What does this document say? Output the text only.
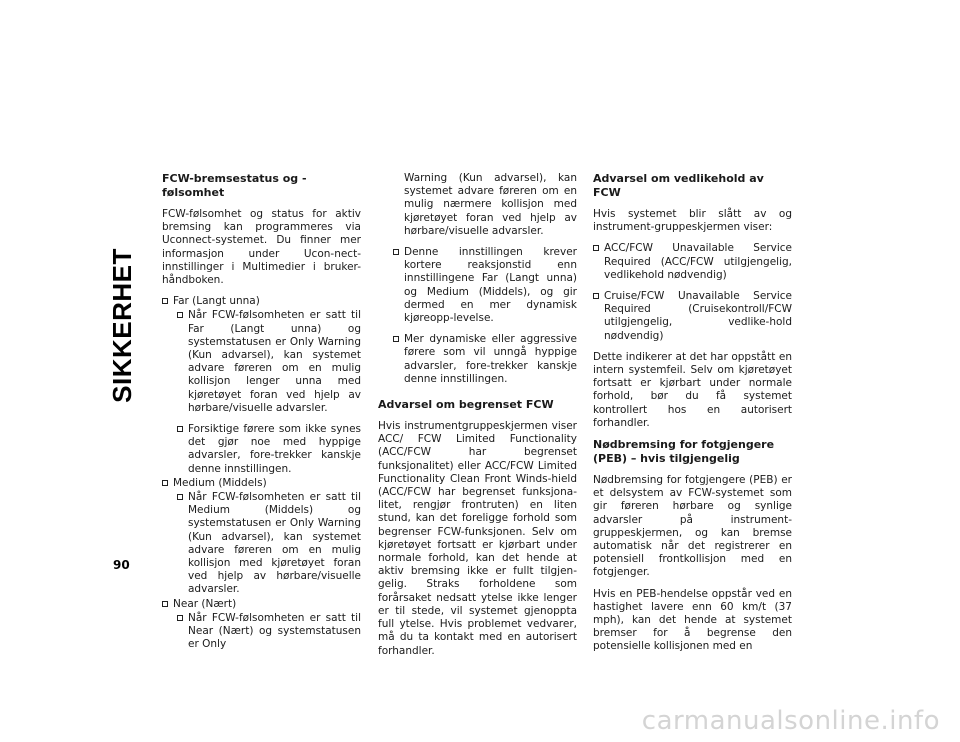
SIKKERHET
90
FCW-bremsestatus og -følsomhet

FCW-følsomhet og status for aktiv bremsing kan programmeres via Uconnect-systemet. Du finner mer informasjon under Ucon-nect-innstillinger i Multimedier i bruker-håndboken.

Far (Langt unna)
Når FCW-følsomheten er satt til Far (Langt unna) og systemstatusen er Only Warning (Kun advarsel), kan systemet advare føreren om en mulig kollisjon lenger unna med kjøretøyet foran ved hjelp av hørbare/visuelle advarsler.
Forsiktige førere som ikke synes det gjør noe med hyppige advarsler, fore-trekker kanskje denne innstillingen.
Medium (Middels)
Når FCW-følsomheten er satt til Medium (Middels) og systemstatusen er Only Warning (Kun advarsel), kan systemet advare føreren om en mulig kollisjon med kjøretøyet foran ved hjelp av hørbare/visuelle advarsler.
Near (Nært)
Når FCW-følsomheten er satt til Near (Nært) og systemstatusen er Only
Warning (Kun advarsel), kan systemet advare føreren om en mulig nærmere kollisjon med kjøretøyet foran ved hjelp av hørbare/visuelle advarsler.
Denne innstillingen krever kortere reaksjonstid enn innstillingene Far (Langt unna) og Medium (Middels), og gir dermed en mer dynamisk kjøreopp-levelse.
Mer dynamiske eller aggressive førere som vil unngå hyppige advarsler, fore-trekker kanskje denne innstillingen.
Advarsel om begrenset FCW

Hvis instrumentgruppeskjermen viser ACC/ FCW Limited Functionality (ACC/FCW har begrenset funksjonalitet) eller ACC/FCW Limited Functionality Clean Front Winds-hield (ACC/FCW har begrenset funksjona-litet, rengjør frontruten) en liten stund, kan det foreligge forhold som begrenser FCW-funksjonen. Selv om kjøretøyet fortsatt er kjørbart under normale forhold, kan det hende at aktiv bremsing ikke er fullt tilgjen-gelig. Straks forholdene som forårsaket nedsatt ytelse ikke lenger er til stede, vil systemet gjenoppta full ytelse. Hvis problemet vedvarer, må du ta kontakt med en autorisert forhandler.

Advarsel om vedlikehold av FCW

Hvis systemet blir slått av og instrument-gruppeskjermen viser:

ACC/FCW Unavailable Service Required (ACC/FCW utilgjengelig, vedlikehold nødvendig)
Cruise/FCW Unavailable Service Required (Cruisekontroll/FCW utilgjengelig, vedlike-hold nødvendig)

Dette indikerer at det har oppstått en intern systemfeil. Selv om kjøretøyet fortsatt er kjørbart under normale forhold, bør du få systemet kontrollert hos en autorisert forhandler.

Nødbremsing for fotgjengere (PEB) – hvis tilgjengelig

Nødbremsing for fotgjengere (PEB) er et delsystem av FCW-systemet som gir føreren hørbare og synlige advarsler på instrument-gruppeskjermen, og kan bremse automatisk når det registrerer en potensiell frontkollisjon med en fotgjenger.

Hvis en PEB-hendelse oppstår ved en hastighet lavere enn 60 km/t (37 mph), kan det hende at systemet bremser for å begrense den potensielle kollisjonen med en

carmanualsonline.info
